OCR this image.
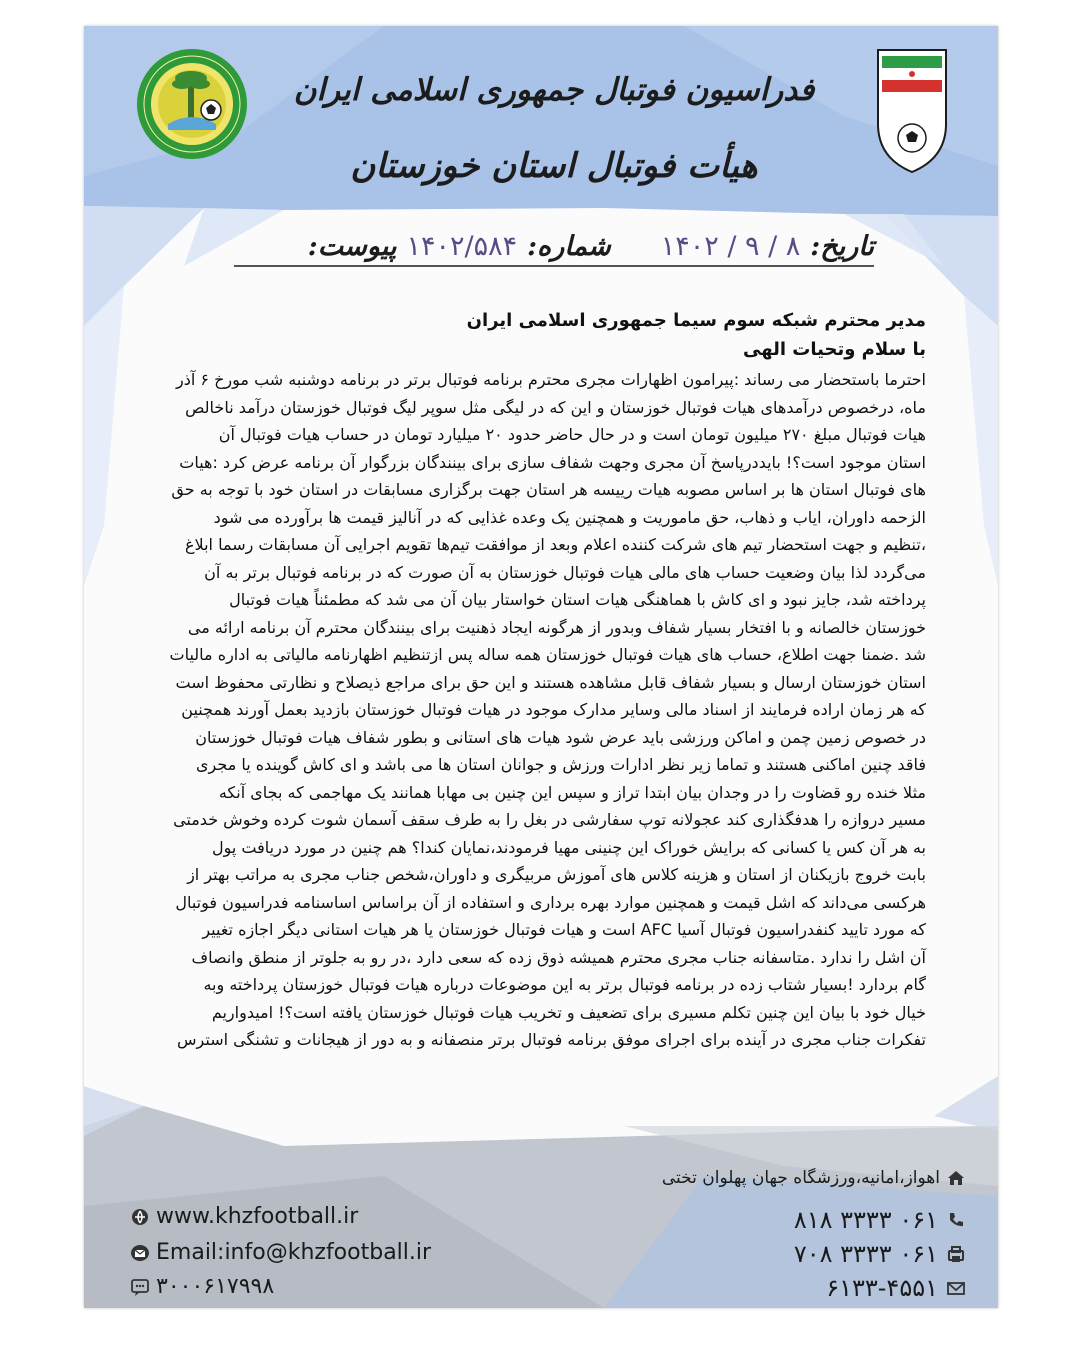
فدراسیون فوتبال جمهوری اسلامی ایران
هیأت فوتبال استان خوزستان
تاریخ:
۸ / ۹ / ۱۴۰۲
شماره:
۱۴۰۲/۵۸۴
پیوست:
مدیر محترم شبکه سوم سیما جمهوری اسلامی ایران
با سلام وتحیات الهی
احترما باستحضار می رساند :پیرامون اظهارات مجری محترم برنامه فوتبال برتر در برنامه دوشنبه شب مورخ ۶ آذر
ماه، درخصوص درآمدهای هیات فوتبال خوزستان و این که در لیگی مثل سوپر لیگ فوتبال خوزستان درآمد ناخالص
هیات فوتبال مبلغ ۲۷۰ میلیون تومان است و در حال حاضر حدود ۲۰ میلیارد تومان در حساب هیات فوتبال آن
استان موجود است؟! بایددرپاسخ آن مجری وجهت شفاف سازی برای بینندگان بزرگوار آن برنامه عرض کرد :هیات
های فوتبال استان ها بر اساس مصوبه هیات رییسه هر استان جهت برگزاری مسابقات در استان خود با توجه به حق
الزحمه داوران، ایاب و ذهاب، حق ماموریت و همچنین یک وعده غذایی که در آنالیز قیمت ها برآورده می شود
،تنظیم و جهت استحضار تیم های شرکت کننده اعلام وبعد از موافقت تیم‌ها تقویم اجرایی آن مسابقات رسما ابلاغ
می‌گردد لذا بیان وضعیت حساب های مالی هیات فوتبال خوزستان به آن صورت که در برنامه فوتبال برتر به آن
پرداخته شد، جایز نبود و ای کاش با هماهنگی هیات استان خواستار بیان آن می شد که مطمئناً هیات فوتبال
خوزستان خالصانه و با افتخار بسیار شفاف وبدور از هرگونه ایجاد ذهنیت برای بینندگان محترم آن برنامه ارائه می
شد .ضمنا جهت اطلاع، حساب های هیات فوتبال خوزستان همه ساله پس ازتنظیم اظهارنامه مالیاتی به اداره مالیات
استان خوزستان ارسال و بسیار شفاف قابل مشاهده هستند و این حق برای مراجع ذیصلاح و نظارتی محفوظ است
که هر زمان اراده فرمایند از اسناد مالی وسایر مدارک موجود در هیات فوتبال خوزستان بازدید بعمل آورند همچنین
در خصوص زمین چمن و اماکن ورزشی باید عرض شود هیات های استانی و بطور شفاف هیات فوتبال خوزستان
فاقد چنین اماکنی هستند و تماما زیر نظر ادارات ورزش و جوانان استان ها می باشد و ای کاش گوینده یا مجری
مثلا خنده رو قضاوت را در وجدان بیان ابتدا تراز و سپس این چنین بی مهابا همانند یک مهاجمی که بجای آنکه
مسیر دروازه را هدفگذاری کند عجولانه توپ سفارشی در بغل را به طرف سقف آسمان شوت کرده وخوش خدمتی
به هر آن کس یا کسانی که برایش خوراک این چنینی مهیا فرمودند،نمایان کندا؟ هم چنین در مورد دریافت پول
بابت خروج بازیکنان از استان و هزینه کلاس های آموزش مربیگری و داوران،شخص جناب مجری به مراتب بهتر از
هرکسی می‌داند که اشل قیمت و همچنین موارد بهره برداری و استفاده از آن براساس اساسنامه فدراسیون فوتبال
که مورد تایید کنفدراسیون فوتبال آسیا AFC است و هیات فوتبال خوزستان یا هر هیات استانی دیگر اجازه تغییر
آن اشل را ندارد .متاسفانه جناب مجری محترم همیشه ذوق زده که سعی دارد ،در رو به جلوتر از منطق وانصاف
گام بردارد !بسیار شتاب زده در برنامه فوتبال برتر به این موضوعات درباره هیات فوتبال خوزستان پرداخته وبه
خیال خود با بیان این چنین تکلم مسیری برای تضعیف و تخریب هیات فوتبال خوزستان یافته است؟! امیدواریم
تفکرات جناب مجری در آینده برای اجرای موفق برنامه فوتبال برتر منصفانه و به دور از هیجانات و تشنگی استرس
اهواز،امانیه،ورزشگاه جهان پهلوان تختی
۰۶۱ ۳۳۳۳ ۸۱۸
۰۶۱ ۳۳۳۳ ۷۰۸
۶۱۳۳-۴۵۵۱
www.khzfootball.ir
Email:info@khzfootball.ir
۳۰۰۰۶۱۷۹۹۸
